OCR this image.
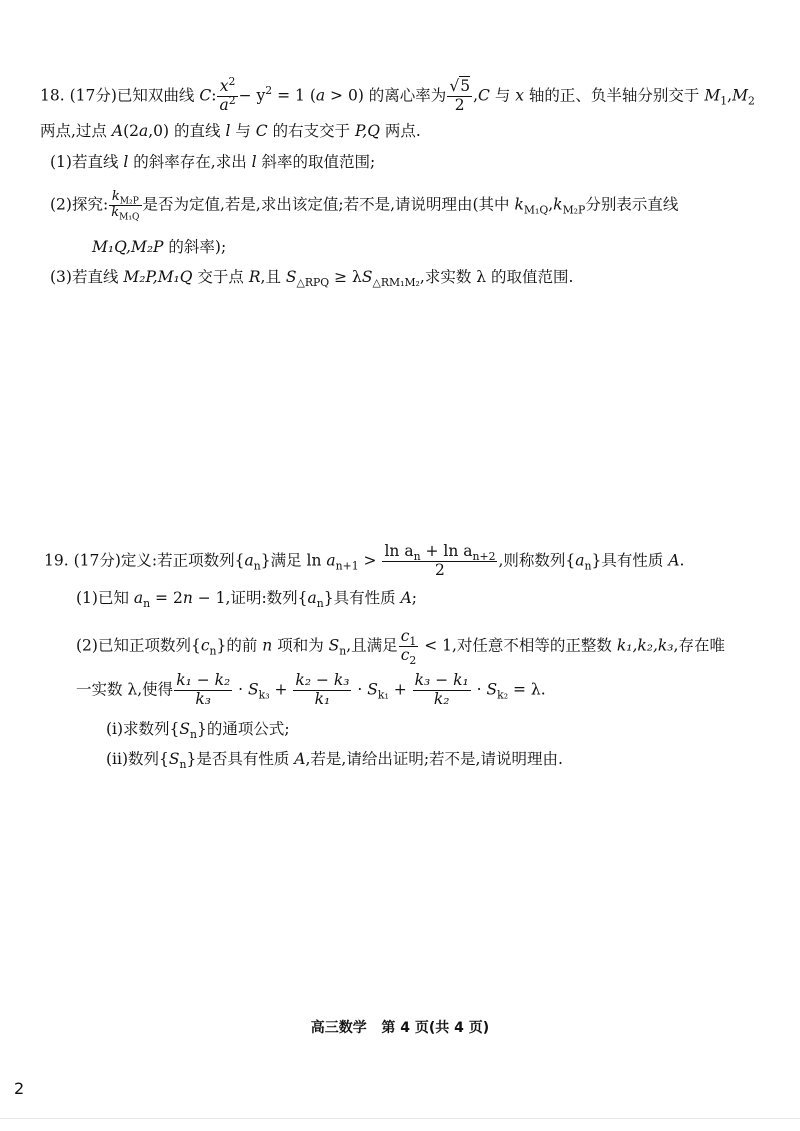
18. (17分)已知双曲线 C: $\frac{x^2}{a^2} - y^2 = 1$ (a > 0) 的离心率为 $\frac{√5}{2} ,C$ 与 x 轴的正、负半轴分别交于 $M_1,M_2$
两点,过点 A(2a,0) 的直线 l 与 C 的右支交于 P,Q 两点.
(1)若直线 l 的斜率存在,求出 l 斜率的取值范围;
(2)探究: $\frac{k_{M_2P}}{k_{M_1Q}}$ 是否为定值,若是,求出该定值;若不是,请说明理由(其中 $k_{M_1Q},k_{M_2P}$分别表示直线
M₁Q,M₂P 的斜率);
(3)若直线 M₂P,M₁Q 交于点 R,且 $S_{\triangle RPQ} \ge \lambda S_{\triangle RM_1M_2}$,求实数 λ 的取值范围.
19. (17分)定义:若正项数列$\{a_n\}$满足 $\ln a_{n+1} > \frac{\ln a_n + \ln a_{n+2}}{2}$ ,则称数列$\{a_n\}$具有性质 A.
(1)已知 $a_n = 2n - 1$,证明:数列$\{a_n\}$具有性质 A;
(2)已知正项数列$\{c_n\}$的前 n 项和为 $S_n$,且满足 $\frac{c_1}{c_2} < 1$,对任意不相等的正整数 k₁,k₂,k₃,存在唯
一实数 λ,使得 $\frac{\text{k₁ − k₂}}{\text{k₃}} \cdot S_{k_3} + \frac{\text{k₂ − k₃}}{\text{k₁}} \cdot S_{k_1} + \frac{\text{k₃ − k₁}}{\text{k₂}} \cdot S_{k_2} = \lambda$.
(i)求数列$\{S_n\}$的通项公式;
(ii)数列$\{S_n\}$是否具有性质 A,若是,请给出证明;若不是,请说明理由.
高三数学   第 4 页(共 4 页)
2
